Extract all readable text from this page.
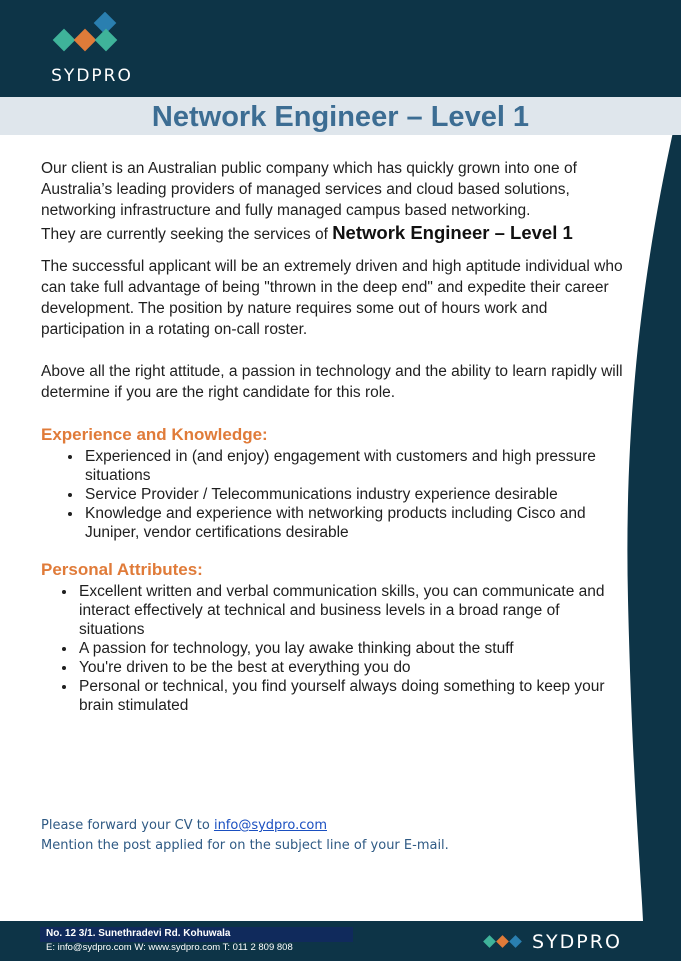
SYDPRO
Network Engineer – Level 1

Our client is an Australian public company which has quickly grown into one of Australia’s leading providers of managed services and cloud based solutions, networking infrastructure and fully managed campus based networking.

They are currently seeking the services of Network Engineer – Level 1

The successful applicant will be an extremely driven and high aptitude individual who can take full advantage of being "thrown in the deep end" and expedite their career development. The position by nature requires some out of hours work and participation in a rotating on-call roster.

Above all the right attitude, a passion in technology and the ability to learn rapidly will determine if you are the right candidate for this role.

Experience and Knowledge:

• Experienced in (and enjoy) engagement with customers and high pressure situations
• Service Provider / Telecommunications industry experience desirable
• Knowledge and experience with networking products including Cisco and Juniper, vendor certifications desirable

Personal Attributes:

• Excellent written and verbal communication skills, you can communicate and interact effectively at technical and business levels in a broad range of situations
• A passion for technology, you lay awake thinking about the stuff
• You're driven to be the best at everything you do
• Personal or technical, you find yourself always doing something to keep your brain stimulated
Please forward your CV to info@sydpro.com
Mention the post applied for on the subject line of your E-mail.
No. 12 3/1. Sunethradevi Rd. Kohuwala
E: info@sydpro.com W: www.sydpro.com T: 011 2 809 808	SYDPRO
